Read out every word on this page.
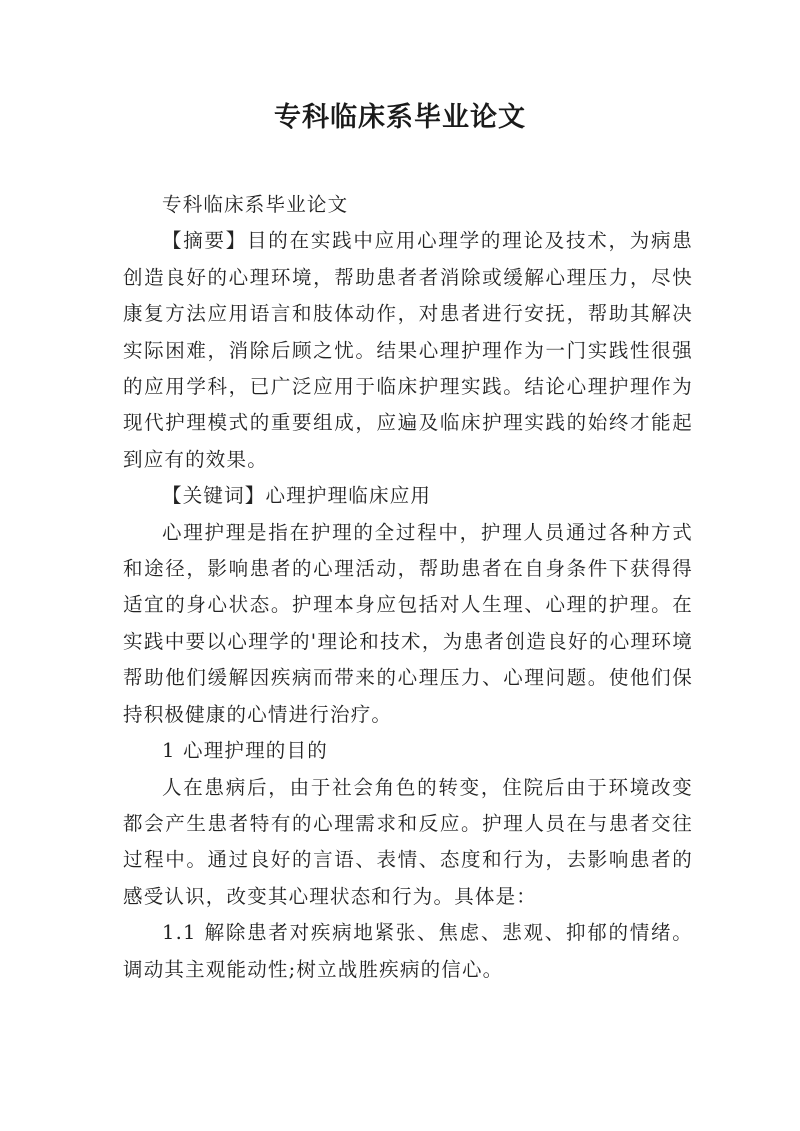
专科临床系毕业论文

专科临床系毕业论文

【摘要】目的在实践中应用心理学的理论及技术，为病患创造良好的心理环境，帮助患者者消除或缓解心理压力，尽快康复方法应用语言和肢体动作，对患者进行安抚，帮助其解决实际困难，消除后顾之忧。结果心理护理作为一门实践性很强的应用学科，已广泛应用于临床护理实践。结论心理护理作为现代护理模式的重要组成，应遍及临床护理实践的始终才能起到应有的效果。

【关键词】心理护理临床应用

心理护理是指在护理的全过程中，护理人员通过各种方式和途径，影响患者的心理活动，帮助患者在自身条件下获得得适宜的身心状态。护理本身应包括对人生理、心理的护理。在实践中要以心理学的'理论和技术，为患者创造良好的心理环境帮助他们缓解因疾病而带来的心理压力、心理问题。使他们保持积极健康的心情进行治疗。

1 心理护理的目的

人在患病后，由于社会角色的转变，住院后由于环境改变都会产生患者特有的心理需求和反应。护理人员在与患者交往过程中。通过良好的言语、表情、态度和行为，去影响患者的感受认识，改变其心理状态和行为。具体是：

1.1 解除患者对疾病地紧张、焦虑、悲观、抑郁的情绪。调动其主观能动性;树立战胜疾病的信心。
